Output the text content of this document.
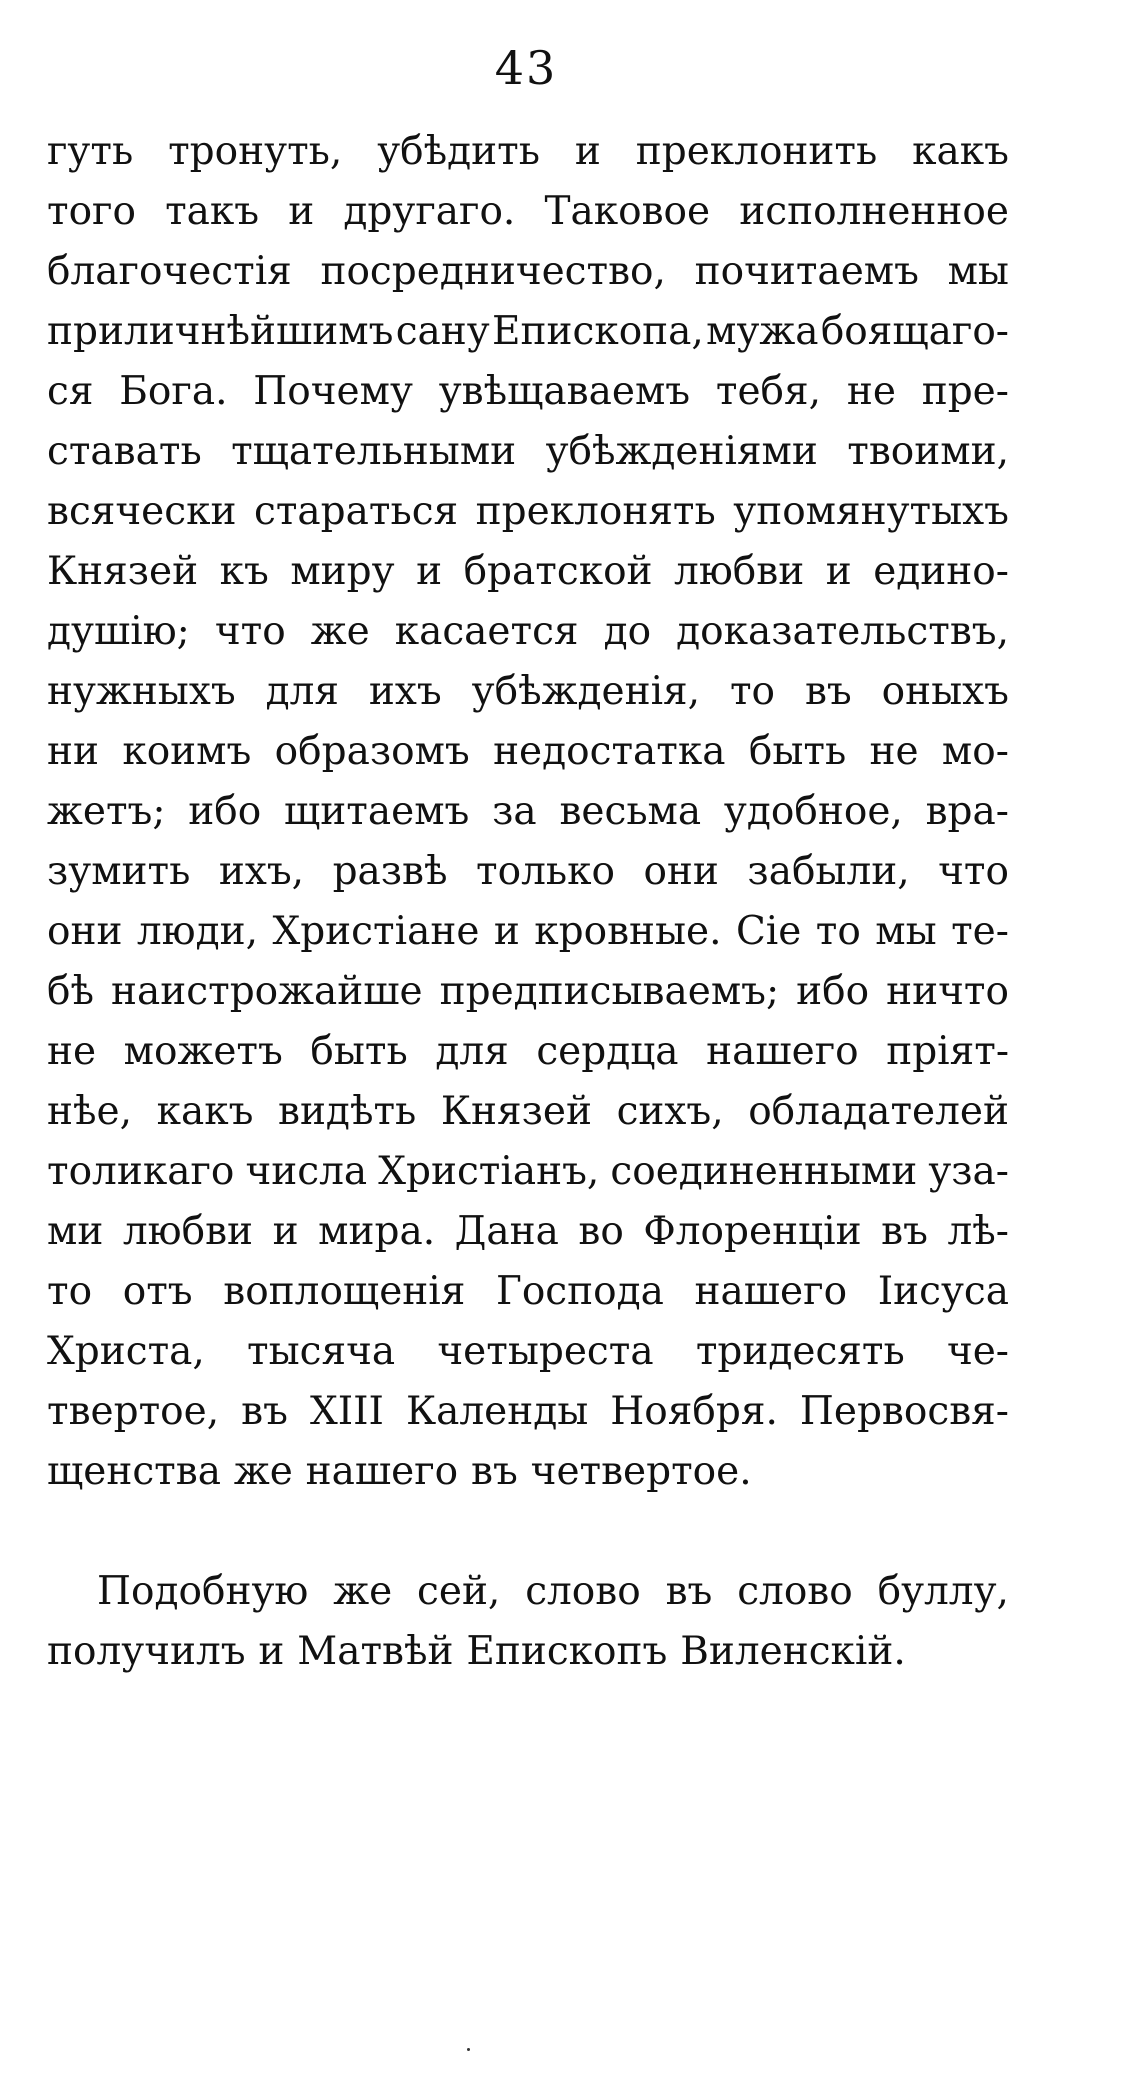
43
гуть тронуть, убѣдить и преклонить какъ
того такъ и другаго. Таковое исполненное
благочестія посредничество, почитаемъ мы
приличнѣйшимъ сану Епископа, мужа боящаго-
ся Бога. Почему увѣщаваемъ тебя, не пре-
ставать тщательными убѣжденіями твоими,
всячески стараться преклонять упомянутыхъ
Князей къ миру и братской любви и едино-
душію; что же касается до доказательствъ,
нужныхъ для ихъ убѣжденія, то въ оныхъ
ни коимъ образомъ недостатка быть не мо-
жетъ; ибо щитаемъ за весьма удобное, вра-
зумить ихъ, развѣ только они забыли, что
они люди, Христіане и кровные. Сіе то мы те-
бѣ наистрожайше предписываемъ; ибо ничто
не можетъ быть для сердца нашего пріят-
нѣе, какъ видѣть Князей сихъ, обладателей
толикаго числа Христіанъ, соединенными уза-
ми любви и мира. Дана во Флоренціи въ лѣ-
то отъ воплощенія Господа нашего Іисуса
Христа, тысяча четыреста тридесять че-
твертое, въ XIII Календы Ноября. Первосвя-
щенства же нашего въ четвертое.
Подобную же сей, слово въ слово буллу,
получилъ и Матвѣй Епископъ Виленскій.
